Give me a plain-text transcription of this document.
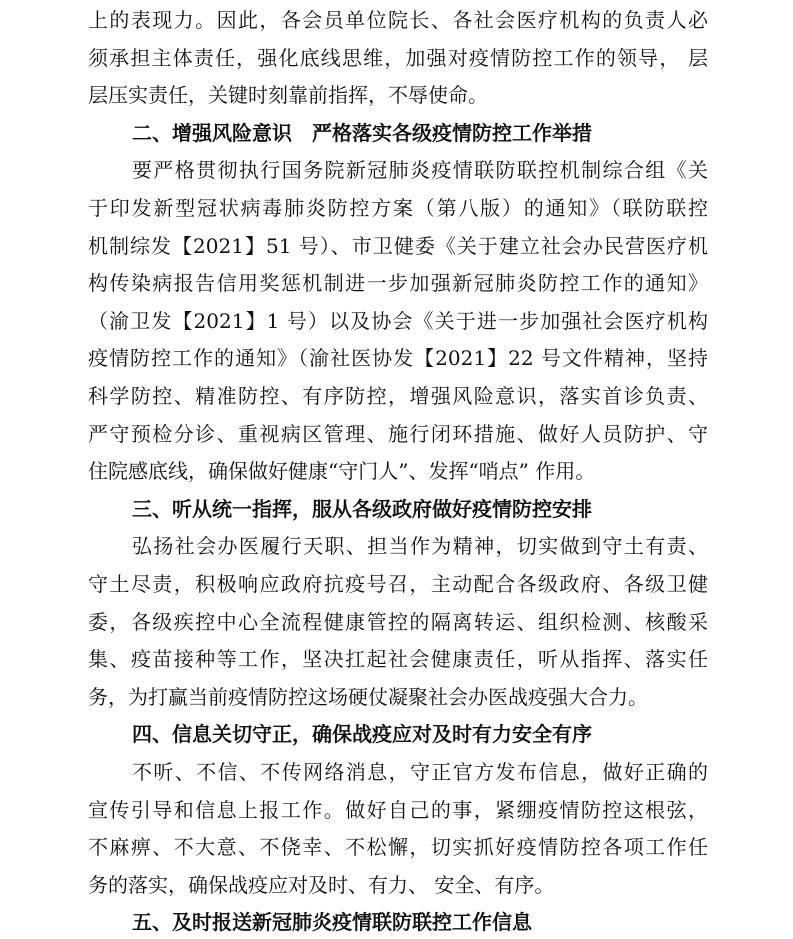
上的表现力。因此，各会员单位院长、各社会医疗机构的负责人必
须承担主体责任，强化底线思维，加强对疫情防控工作的领导， 层
层压实责任，关键时刻靠前指挥，不辱使命。
二、增强风险意识　严格落实各级疫情防控工作举措
要严格贯彻执行国务院新冠肺炎疫情联防联控机制综合组《关
于印发新型冠状病毒肺炎防控方案（第八版）的通知》（联防联控
机制综发【2021】51 号）、市卫健委《关于建立社会办民营医疗机
构传染病报告信用奖惩机制进一步加强新冠肺炎防控工作的通知》
（渝卫发【2021】1 号）以及协会《关于进一步加强社会医疗机构
疫情防控工作的通知》（渝社医协发【2021】22 号文件精神，坚持
科学防控、精准防控、有序防控，增强风险意识，落实首诊负责、
严守预检分诊、重视病区管理、施行闭环措施、做好人员防护、守
住院感底线，确保做好健康“守门人”、发挥“哨点” 作用。
三、听从统一指挥，服从各级政府做好疫情防控安排
弘扬社会办医履行天职、担当作为精神，切实做到守土有责、
守土尽责，积极响应政府抗疫号召，主动配合各级政府、各级卫健
委，各级疾控中心全流程健康管控的隔离转运、组织检测、核酸采
集、疫苗接种等工作，坚决扛起社会健康责任，听从指挥、落实任
务，为打赢当前疫情防控这场硬仗凝聚社会办医战疫强大合力。
四、信息关切守正，确保战疫应对及时有力安全有序
不听、不信、不传网络消息，守正官方发布信息，做好正确的
宣传引导和信息上报工作。做好自己的事，紧绷疫情防控这根弦，
不麻痹、不大意、不侥幸、不松懈，切实抓好疫情防控各项工作任
务的落实，确保战疫应对及时、有力、 安全、有序。
五、及时报送新冠肺炎疫情联防联控工作信息
